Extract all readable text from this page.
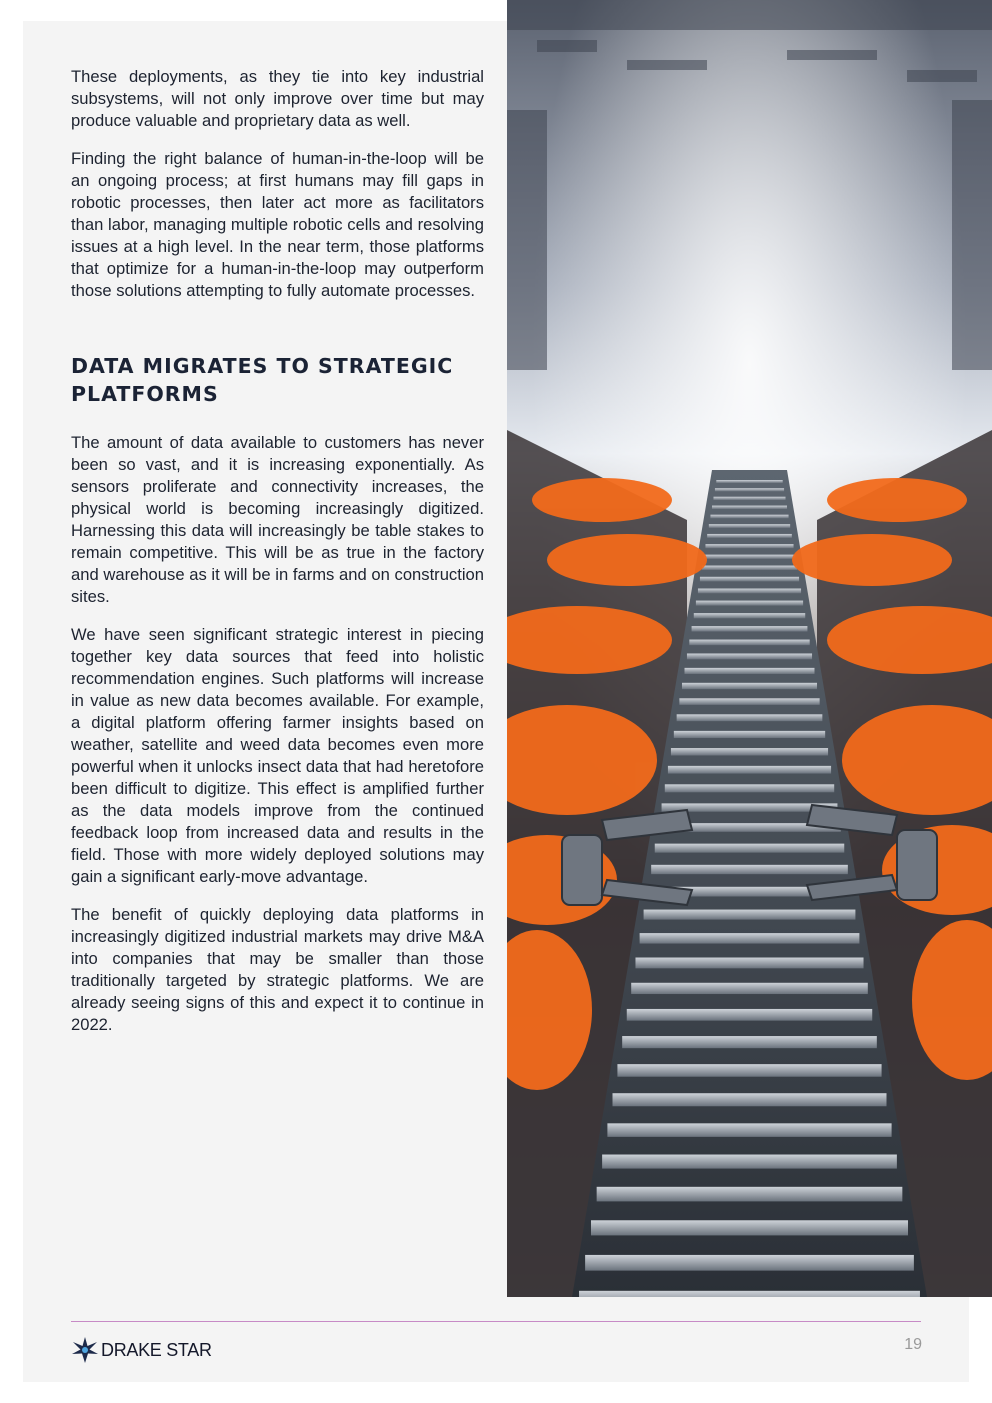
These deployments, as they tie into key industrial subsystems, will not only improve over time but may produce valuable and proprietary data as well.

Finding the right balance of human-in-the-loop will be an ongoing process; at first humans may fill gaps in robotic processes, then later act more as facilitators than labor, managing multiple robotic cells and resolving issues at a high level. In the near term, those platforms that optimize for a human-in-the-loop may outperform those solutions attempting to fully automate processes.

DATA MIGRATES TO STRATEGIC PLATFORMS

The amount of data available to customers has never been so vast, and it is increasing exponentially. As sensors proliferate and connectivity increases, the physical world is becoming increasingly digitized. Harnessing this data will increasingly be table stakes to remain competitive. This will be as true in the factory and warehouse as it will be in farms and on construction sites.

We have seen significant strategic interest in piecing together key data sources that feed into holistic recommendation engines. Such platforms will increase in value as new data becomes available. For example, a digital platform offering farmer insights based on weather, satellite and weed data becomes even more powerful when it unlocks insect data that had heretofore been difficult to digitize. This effect is amplified further as the data models improve from the continued feedback loop from increased data and results in the field. Those with more widely deployed solutions may gain a significant early-move advantage.

The benefit of quickly deploying data platforms in increasingly digitized industrial markets may drive M&A into companies that may be smaller than those traditionally targeted by strategic platforms. We are already seeing signs of this and expect it to continue in 2022.

DRAKE STAR	19
